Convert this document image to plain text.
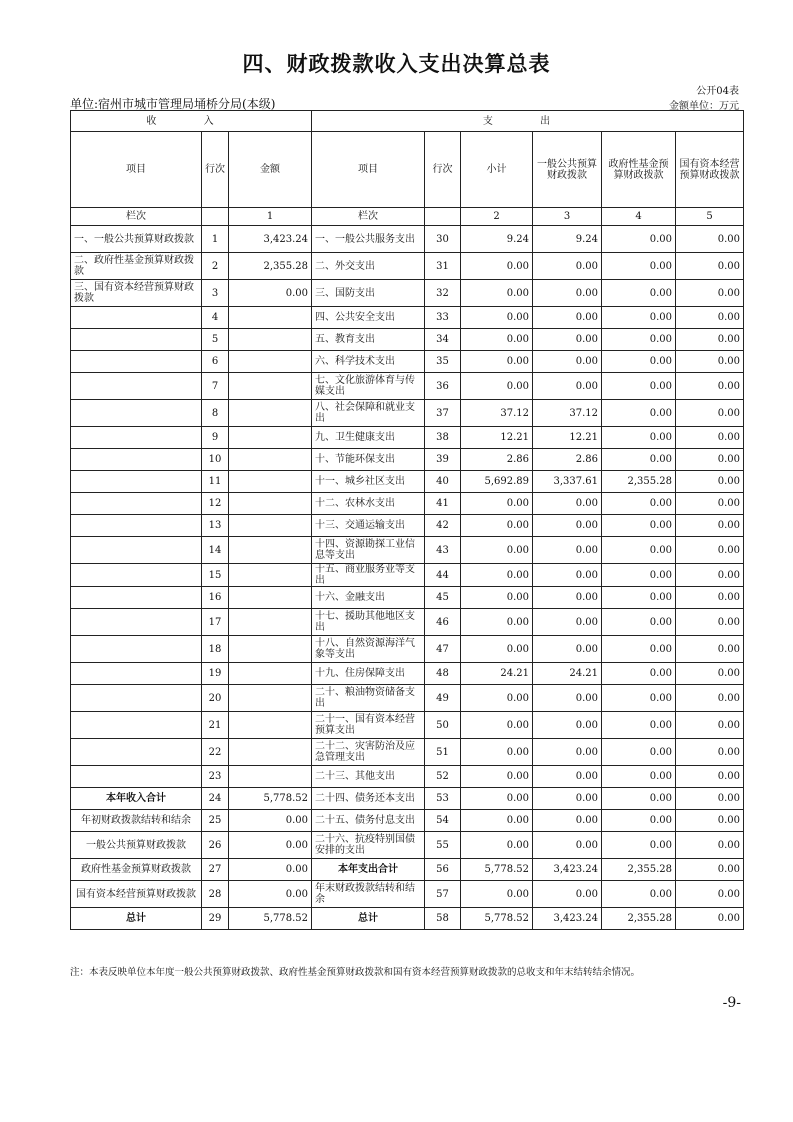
四、财政拨款收入支出决算总表
公开04表
单位:宿州市城市管理局埇桥分局(本级)	金额单位：万元
收 入			支 出					
项目	行次	金额	项目	行次	小计	一般公共预算财政拨款	政府性基金预算财政拨款	国有资本经营预算财政拨款
栏次		1	栏次		2	3	4	5
一、一般公共预算财政拨款	1	3,423.24	一、一般公共服务支出	30	9.24	9.24	0.00	0.00
二、政府性基金预算财政拨款	2	2,355.28	二、外交支出	31	0.00	0.00	0.00	0.00
三、国有资本经营预算财政拨款	3	0.00	三、国防支出	32	0.00	0.00	0.00	0.00
	4		四、公共安全支出	33	0.00	0.00	0.00	0.00
	5		五、教育支出	34	0.00	0.00	0.00	0.00
	6		六、科学技术支出	35	0.00	0.00	0.00	0.00
	7		七、文化旅游体育与传媒支出	36	0.00	0.00	0.00	0.00
	8		八、社会保障和就业支出	37	37.12	37.12	0.00	0.00
	9		九、卫生健康支出	38	12.21	12.21	0.00	0.00
	10		十、节能环保支出	39	2.86	2.86	0.00	0.00
	11		十一、城乡社区支出	40	5,692.89	3,337.61	2,355.28	0.00
	12		十二、农林水支出	41	0.00	0.00	0.00	0.00
	13		十三、交通运输支出	42	0.00	0.00	0.00	0.00
	14		十四、资源勘探工业信息等支出	43	0.00	0.00	0.00	0.00
	15		十五、商业服务业等支出	44	0.00	0.00	0.00	0.00
	16		十六、金融支出	45	0.00	0.00	0.00	0.00
	17		十七、援助其他地区支出	46	0.00	0.00	0.00	0.00
	18		十八、自然资源海洋气象等支出	47	0.00	0.00	0.00	0.00
	19		十九、住房保障支出	48	24.21	24.21	0.00	0.00
	20		二十、粮油物资储备支出	49	0.00	0.00	0.00	0.00
	21		二十一、国有资本经营预算支出	50	0.00	0.00	0.00	0.00
	22		二十二、灾害防治及应急管理支出	51	0.00	0.00	0.00	0.00
	23		二十三、其他支出	52	0.00	0.00	0.00	0.00
本年收入合计	24	5,778.52	二十四、债务还本支出	53	0.00	0.00	0.00	0.00
年初财政拨款结转和结余	25	0.00	二十五、债务付息支出	54	0.00	0.00	0.00	0.00
一般公共预算财政拨款	26	0.00	二十六、抗疫特别国债安排的支出	55	0.00	0.00	0.00	0.00
政府性基金预算财政拨款	27	0.00	本年支出合计	56	5,778.52	3,423.24	2,355.28	0.00
国有资本经营预算财政拨款	28	0.00	年末财政拨款结转和结余	57	0.00	0.00	0.00	0.00
总计	29	5,778.52	总计	58	5,778.52	3,423.24	2,355.28	0.00
注：本表反映单位本年度一般公共预算财政拨款、政府性基金预算财政拨款和国有资本经营预算财政拨款的总收支和年末结转结余情况。
-9-
